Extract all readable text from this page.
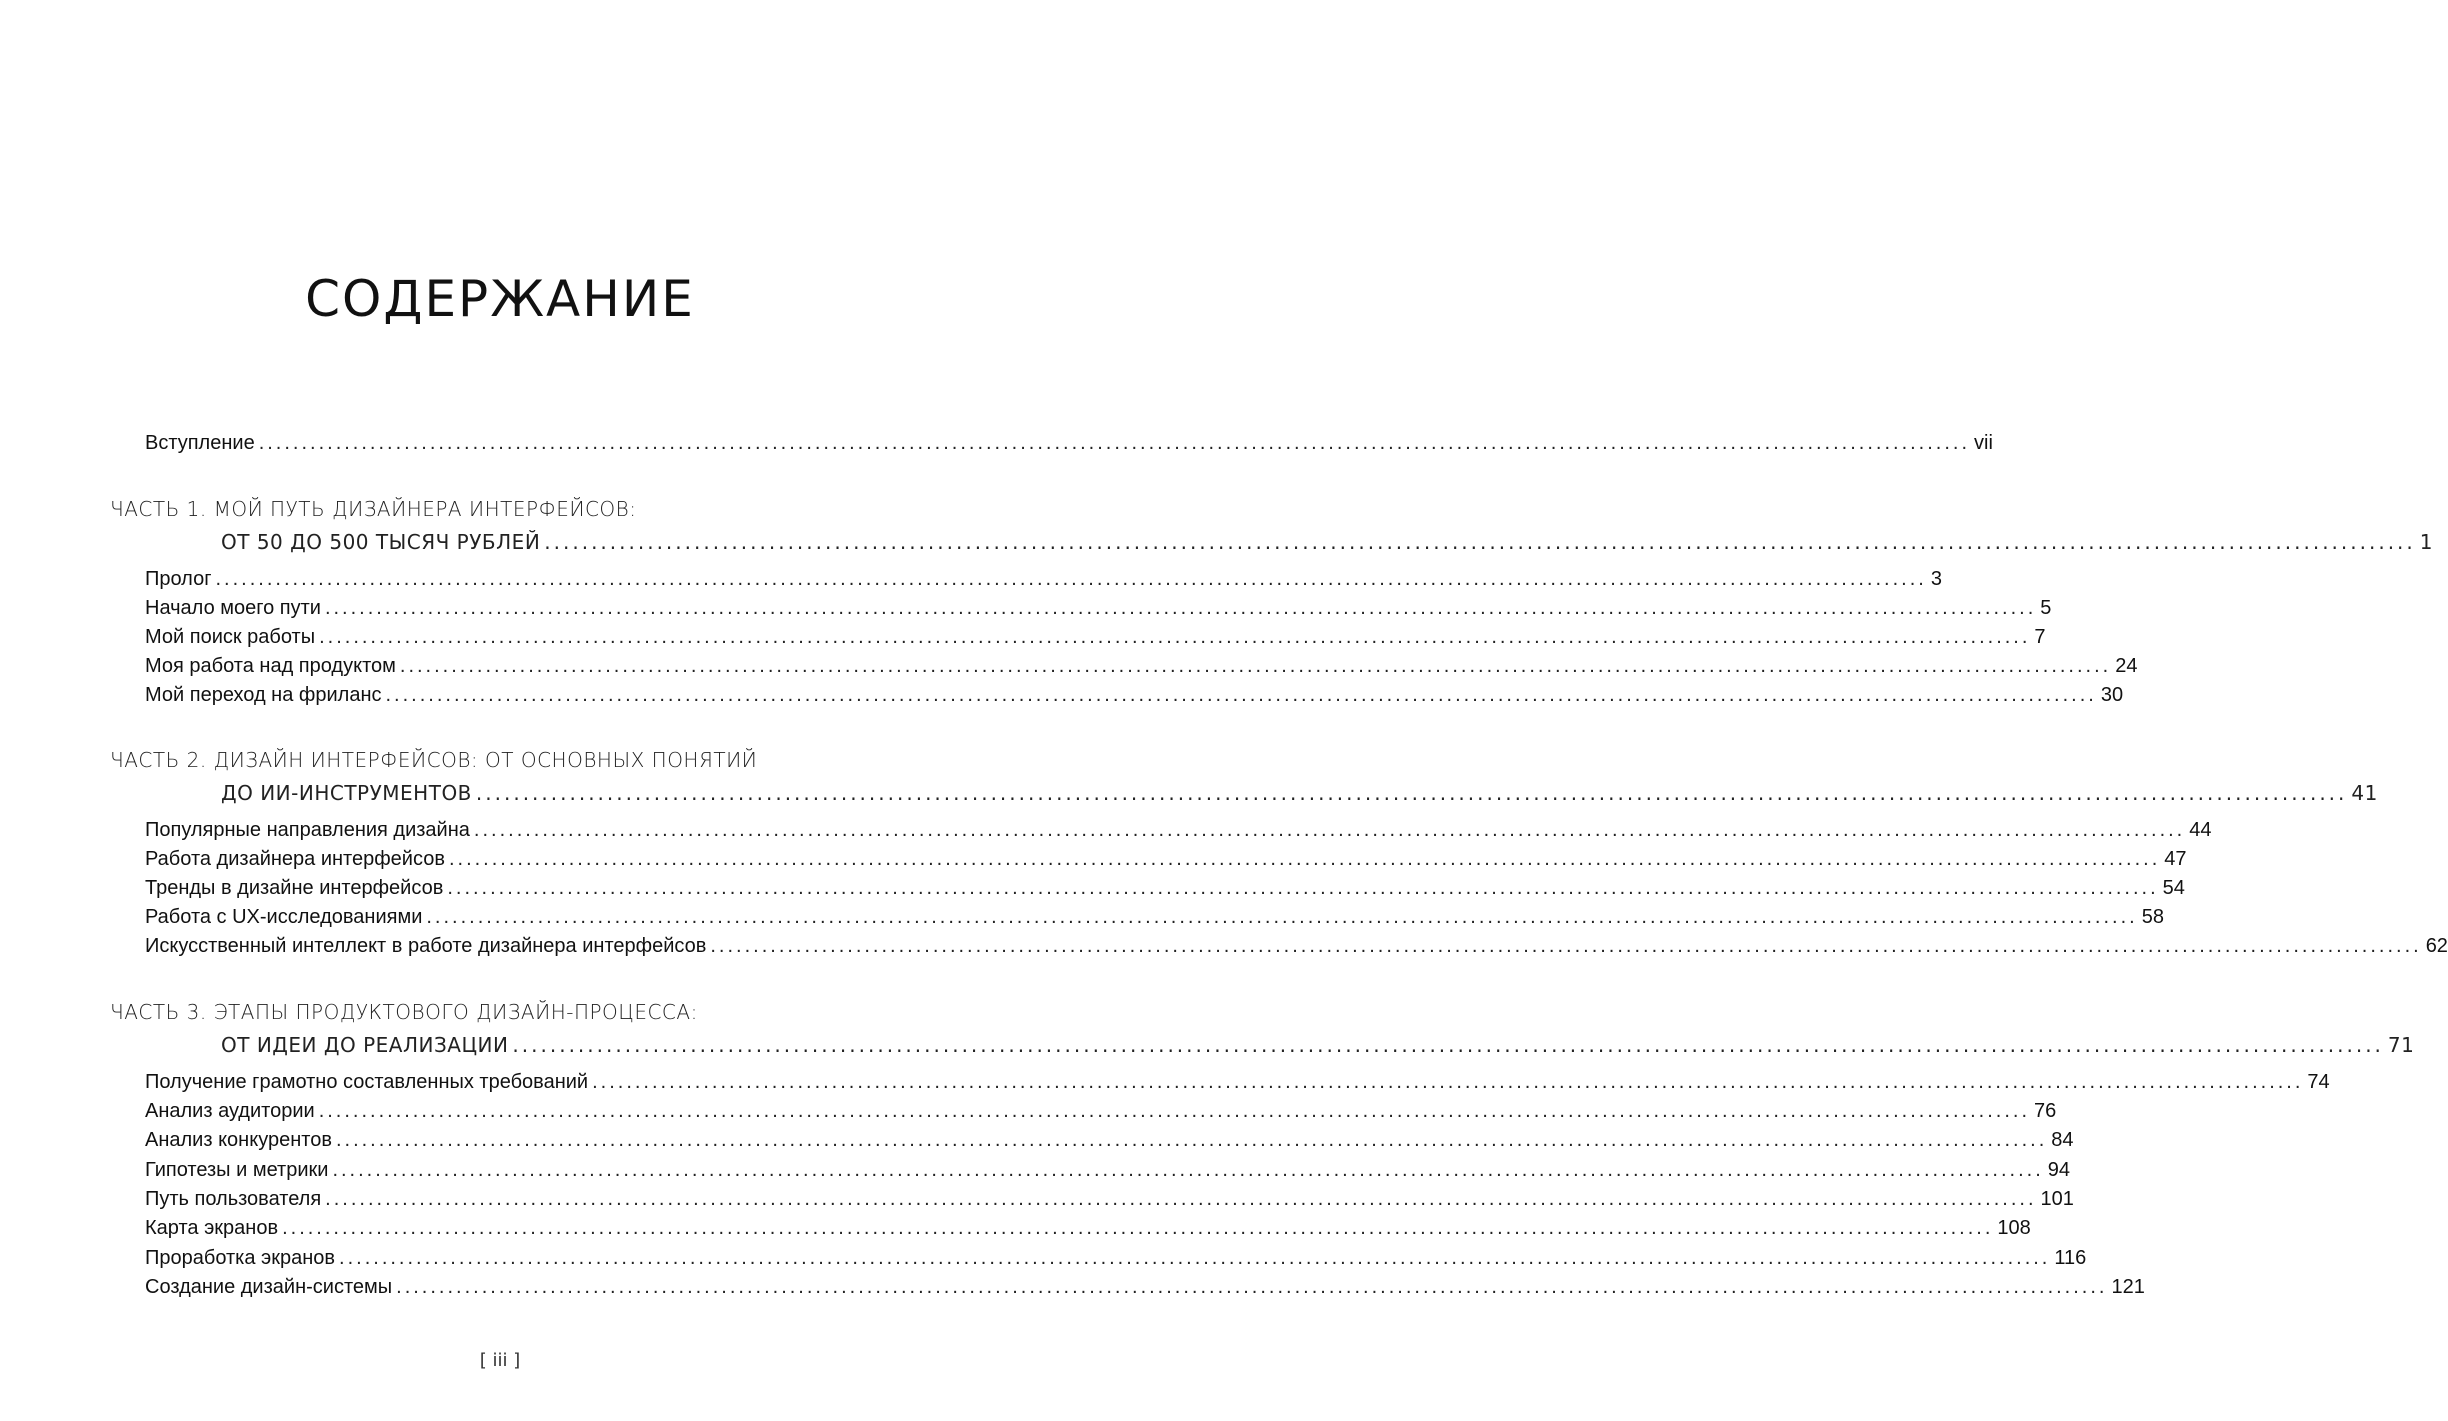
СОДЕРЖАНИЕ
Вступление ........................................................................................................................................................................................................ vii
ЧАСТЬ 1. МОЙ ПУТЬ ДИЗАЙНЕРА ИНТЕРФЕЙСОВ:
ОТ 50 ДО 500 ТЫСЯЧ РУБЛЕЙ ........................................................................................................................................................................................................ 1
Пролог ........................................................................................................................................................................................................ 3
Начало моего пути ........................................................................................................................................................................................................ 5
Мой поиск работы ........................................................................................................................................................................................................ 7
Моя работа над продуктом ........................................................................................................................................................................................................ 24
Мой переход на фриланс ........................................................................................................................................................................................................ 30
ЧАСТЬ 2. ДИЗАЙН ИНТЕРФЕЙСОВ: ОТ ОСНОВНЫХ ПОНЯТИЙ
ДО ИИ-ИНСТРУМЕНТОВ ........................................................................................................................................................................................................ 41
Популярные направления дизайна ........................................................................................................................................................................................................ 44
Работа дизайнера интерфейсов ........................................................................................................................................................................................................ 47
Тренды в дизайне интерфейсов ........................................................................................................................................................................................................ 54
Работа с UX-исследованиями ........................................................................................................................................................................................................ 58
Искусственный интеллект в работе дизайнера интерфейсов ........................................................................................................................................................................................................ 62
ЧАСТЬ 3. ЭТАПЫ ПРОДУКТОВОГО ДИЗАЙН-ПРОЦЕССА:
ОТ ИДЕИ ДО РЕАЛИЗАЦИИ ........................................................................................................................................................................................................ 71
Получение грамотно составленных требований ........................................................................................................................................................................................................ 74
Анализ аудитории ........................................................................................................................................................................................................ 76
Анализ конкурентов ........................................................................................................................................................................................................ 84
Гипотезы и метрики ........................................................................................................................................................................................................ 94
Путь пользователя ........................................................................................................................................................................................................ 101
Карта экранов ........................................................................................................................................................................................................ 108
Проработка экранов ........................................................................................................................................................................................................ 116
Создание дизайн-системы ........................................................................................................................................................................................................ 121
[ iii ]
